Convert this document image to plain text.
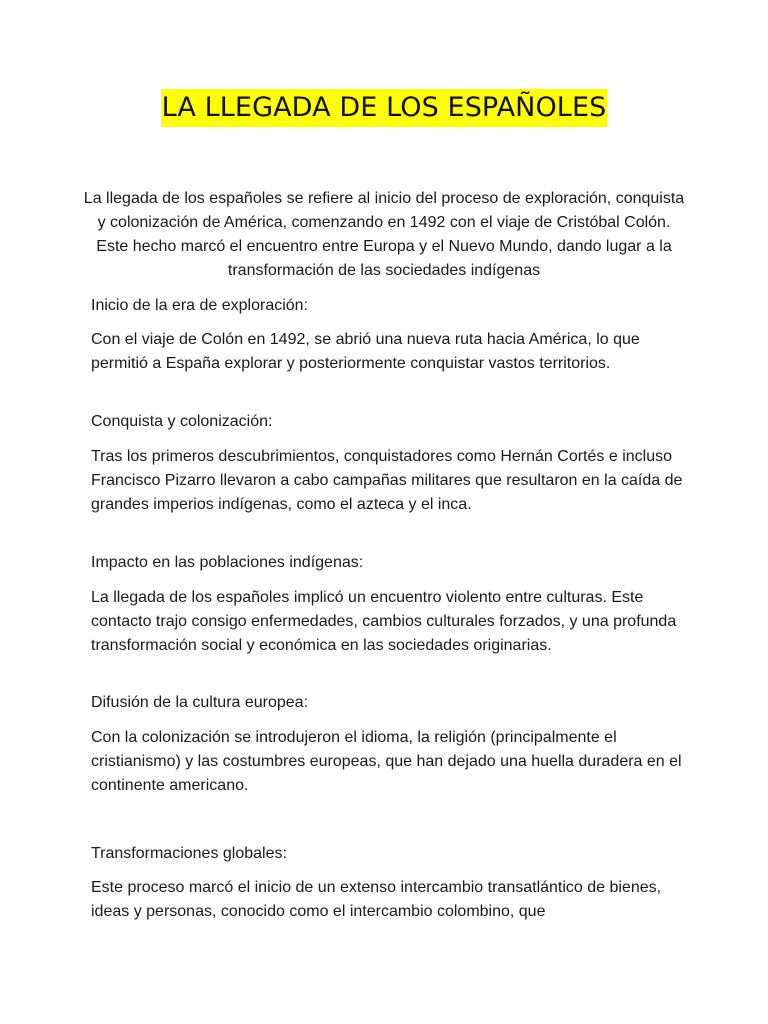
LA LLEGADA DE LOS ESPAÑOLES
La llegada de los españoles se refiere al inicio del proceso de exploración, conquista y colonización de América, comenzando en 1492 con el viaje de Cristóbal Colón. Este hecho marcó el encuentro entre Europa y el Nuevo Mundo, dando lugar a la transformación de las sociedades indígenas

Inicio de la era de exploración:

Con el viaje de Colón en 1492, se abrió una nueva ruta hacia América, lo que permitió a España explorar y posteriormente conquistar vastos territorios.

Conquista y colonización:

Tras los primeros descubrimientos, conquistadores como Hernán Cortés e incluso Francisco Pizarro llevaron a cabo campañas militares que resultaron en la caída de grandes imperios indígenas, como el azteca y el inca.

Impacto en las poblaciones indígenas:

La llegada de los españoles implicó un encuentro violento entre culturas. Este contacto trajo consigo enfermedades, cambios culturales forzados, y una profunda transformación social y económica en las sociedades originarias.

Difusión de la cultura europea:

Con la colonización se introdujeron el idioma, la religión (principalmente el cristianismo) y las costumbres europeas, que han dejado una huella duradera en el continente americano.

Transformaciones globales:

Este proceso marcó el inicio de un extenso intercambio transatlántico de bienes, ideas y personas, conocido como el intercambio colombino, que
